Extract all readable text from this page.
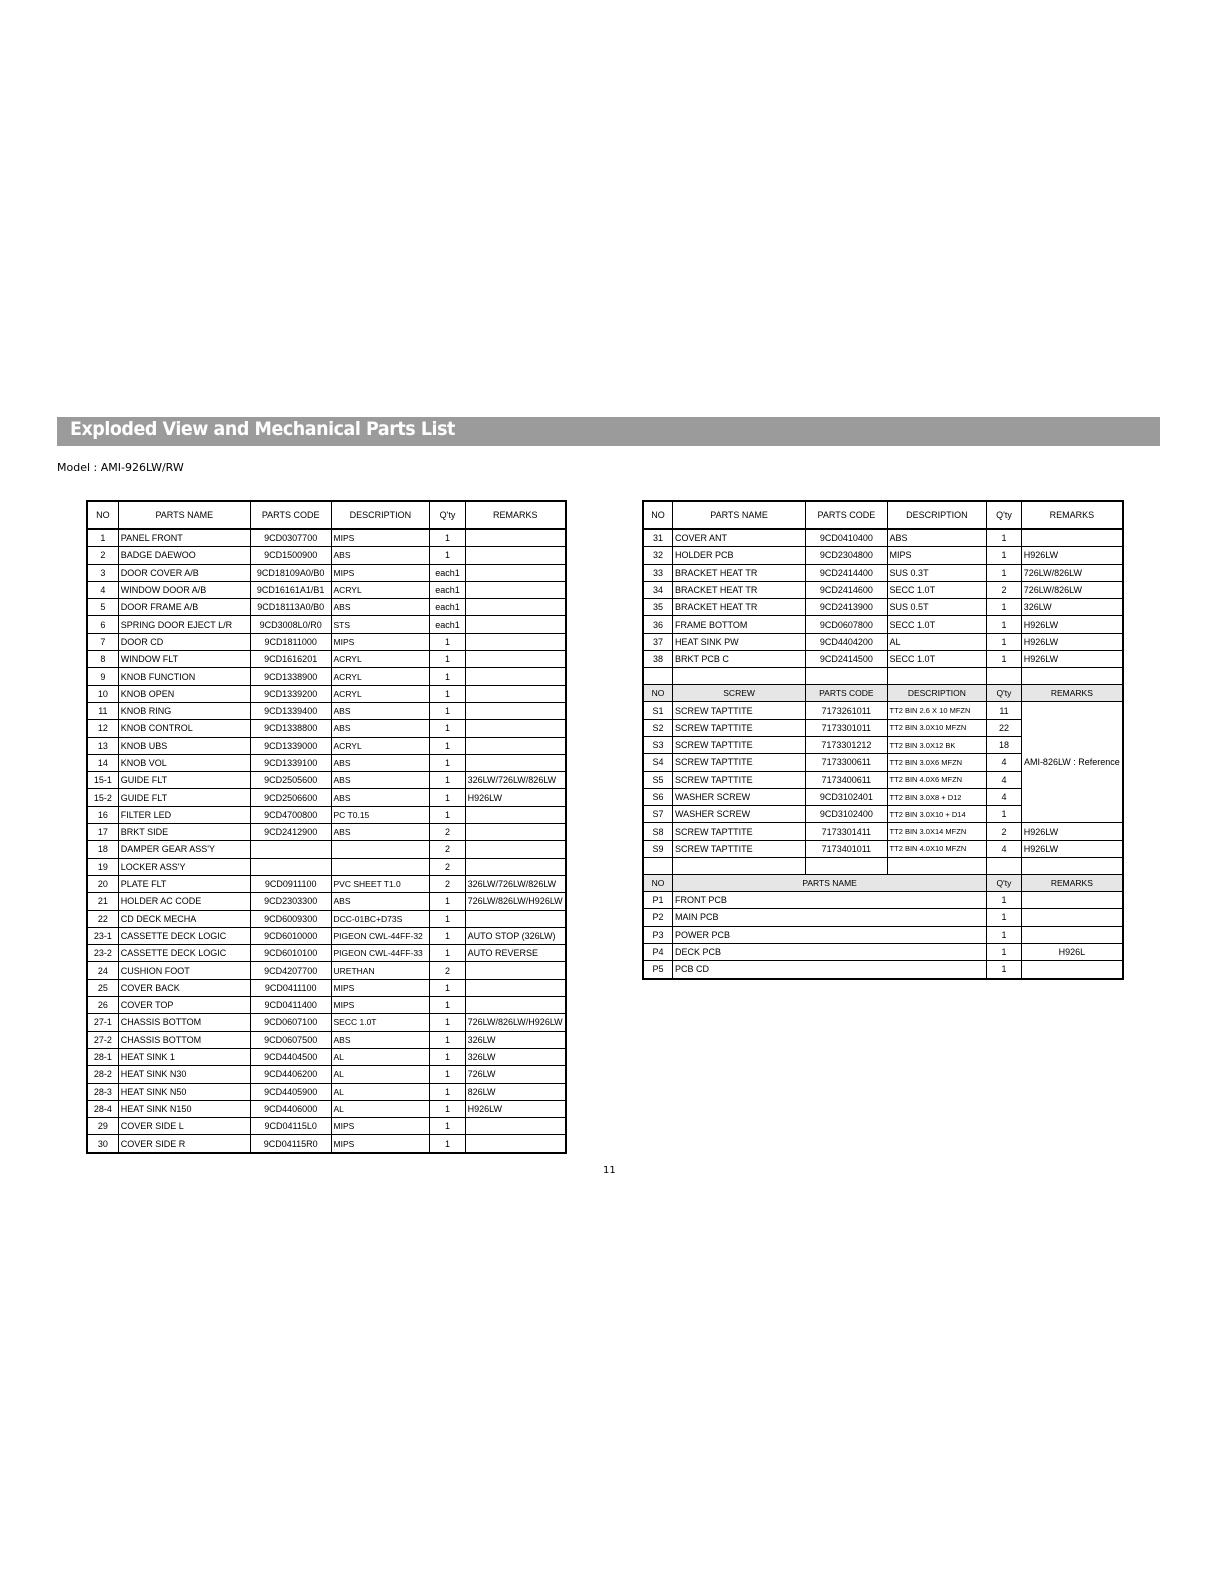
Exploded View and Mechanical Parts List
Model : AMI-926LW/RW
NO	PARTS NAME	PARTS CODE	DESCRIPTION	Q'ty	REMARKS
1	PANEL FRONT	9CD0307700	MIPS	1	
2	BADGE DAEWOO	9CD1500900	ABS	1	
3	DOOR COVER A/B	9CD18109A0/B0	MIPS	each1	
4	WINDOW DOOR A/B	9CD16161A1/B1	ACRYL	each1	
5	DOOR FRAME A/B	9CD18113A0/B0	ABS	each1	
6	SPRING DOOR EJECT L/R	9CD3008L0/R0	STS	each1	
7	DOOR CD	9CD1811000	MIPS	1	
8	WINDOW FLT	9CD1616201	ACRYL	1	
9	KNOB FUNCTION	9CD1338900	ACRYL	1	
10	KNOB OPEN	9CD1339200	ACRYL	1	
11	KNOB RING	9CD1339400	ABS	1	
12	KNOB CONTROL	9CD1338800	ABS	1	
13	KNOB UBS	9CD1339000	ACRYL	1	
14	KNOB VOL	9CD1339100	ABS	1	
15-1	GUIDE FLT	9CD2505600	ABS	1	326LW/726LW/826LW
15-2	GUIDE FLT	9CD2506600	ABS	1	H926LW
16	FILTER LED	9CD4700800	PC T0.15	1	
17	BRKT SIDE	9CD2412900	ABS	2	
18	DAMPER GEAR ASS'Y			2	
19	LOCKER ASS'Y			2	
20	PLATE FLT	9CD0911100	PVC SHEET T1.0	2	326LW/726LW/826LW
21	HOLDER AC CODE	9CD2303300	ABS	1	726LW/826LW/H926LW
22	CD DECK MECHA	9CD6009300	DCC-01BC+D73S	1	
23-1	CASSETTE DECK LOGIC	9CD6010000	PIGEON CWL-44FF-32	1	AUTO STOP (326LW)
23-2	CASSETTE DECK LOGIC	9CD6010100	PIGEON CWL-44FF-33	1	AUTO REVERSE
24	CUSHION FOOT	9CD4207700	URETHAN	2	
25	COVER BACK	9CD0411100	MIPS	1	
26	COVER TOP	9CD0411400	MIPS	1	
27-1	CHASSIS BOTTOM	9CD0607100	SECC 1.0T	1	726LW/826LW/H926LW
27-2	CHASSIS BOTTOM	9CD0607500	ABS	1	326LW
28-1	HEAT SINK 1	9CD4404500	AL	1	326LW
28-2	HEAT SINK N30	9CD4406200	AL	1	726LW
28-3	HEAT SINK N50	9CD4405900	AL	1	826LW
28-4	HEAT SINK N150	9CD4406000	AL	1	H926LW
29	COVER SIDE L	9CD04115L0	MIPS	1	
30	COVER SIDE R	9CD04115R0	MIPS	1	
NO	PARTS NAME	PARTS CODE	DESCRIPTION	Q'ty	REMARKS
31	COVER ANT	9CD0410400	ABS	1	
32	HOLDER PCB	9CD2304800	MIPS	1	H926LW
33	BRACKET HEAT TR	9CD2414400	SUS 0.3T	1	726LW/826LW
34	BRACKET HEAT TR	9CD2414600	SECC 1.0T	2	726LW/826LW
35	BRACKET HEAT TR	9CD2413900	SUS 0.5T	1	326LW
36	FRAME BOTTOM	9CD0607800	SECC 1.0T	1	H926LW
37	HEAT SINK PW	9CD4404200	AL	1	H926LW
38	BRKT PCB C	9CD2414500	SECC 1.0T	1	H926LW

NO	SCREW	PARTS CODE	DESCRIPTION	Q'ty	REMARKS
S1	SCREW TAPTTITE	7173261011	TT2 BIN 2.6 X 10 MFZN	11	AMI-826LW : Reference
S2	SCREW TAPTTITE	7173301011	TT2 BIN 3.0X10 MFZN	22	
S3	SCREW TAPTTITE	7173301212	TT2 BIN 3.0X12 BK	18	
S4	SCREW TAPTTITE	7173300611	TT2 BIN 3.0X6 MFZN	4	
S5	SCREW TAPTTITE	7173400611	TT2 BIN 4.0X6 MFZN	4	
S6	WASHER SCREW	9CD3102401	TT2 BIN 3.0X8 + D12	4	
S7	WASHER SCREW	9CD3102400	TT2 BIN 3.0X10 + D14	1	
S8	SCREW TAPTTITE	7173301411	TT2 BIN 3.0X14 MFZN	2	H926LW
S9	SCREW TAPTTITE	7173401011	TT2 BIN 4.0X10 MFZN	4	H926LW

NO	PARTS NAME			Q'ty	REMARKS
P1	FRONT PCB			1	
P2	MAIN PCB			1	
P3	POWER PCB			1	
P4	DECK PCB			1	H926L
P5	PCB CD			1	
11
